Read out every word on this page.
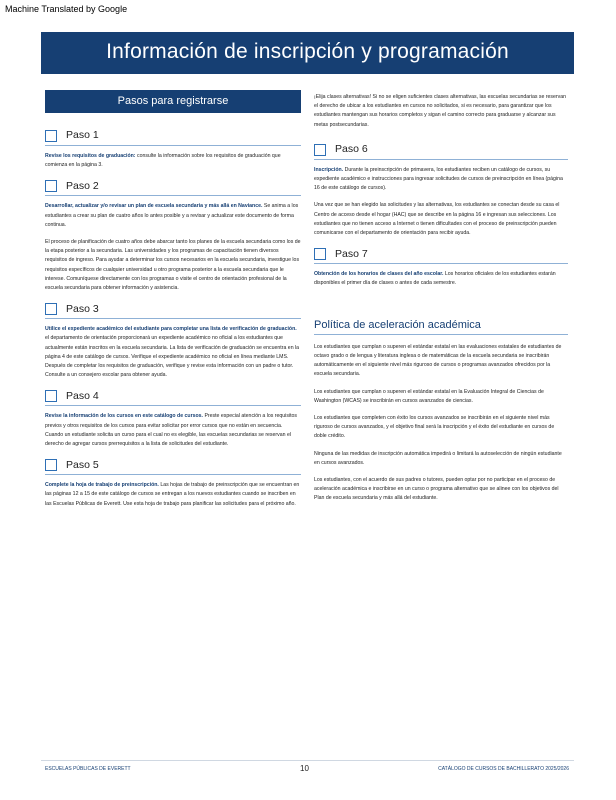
Machine Translated by Google
Información de inscripción y programación
Pasos para registrarse
Paso 1

Revise los requisitos de graduación: consulte la información sobre los requisitos de graduación que comienza en la página 3.

Paso 2

Desarrollar, actualizar y/o revisar un plan de escuela secundaria y más allá en Naviance. Se anima a los estudiantes a crear su plan de cuatro años lo antes posible y a revisar y actualizar este documento de forma continua.

El proceso de planificación de cuatro años debe abarcar tanto los planes de la escuela secundaria como los de la etapa posterior a la secundaria. Las universidades y los programas de capacitación tienen diversos requisitos de ingreso. Para ayudar a determinar los cursos necesarios en la escuela secundaria, investigue los requisitos específicos de cualquier universidad u otro programa posterior a la escuela secundaria que le interese. Comuníquese directamente con los programas o visite el centro de orientación profesional de la escuela secundaria para obtener información y asistencia.

Paso 3

Utilice el expediente académico del estudiante para completar una lista de verificación de graduación. el departamento de orientación proporcionará un expediente académico no oficial a los estudiantes que actualmente están inscritos en la escuela secundaria. La lista de verificación de graduación se encuentra en la página 4 de este catálogo de cursos. Verifique el expediente académico no oficial en línea mediante LMS. Después de completar los requisitos de graduación, verifique y revise esta información con un padre o tutor. Consulte a un consejero escolar para obtener ayuda.

Paso 4

Revise la información de los cursos en este catálogo de cursos. Preste especial atención a los requisitos previos y otros requisitos de los cursos para evitar solicitar por error cursos que no están en secuencia. Cuando un estudiante solicita un curso para el cual no es elegible, las escuelas secundarias se reservan el derecho de agregar cursos prerrequisitos a la lista de solicitudes del estudiante.

Paso 5

Complete la hoja de trabajo de preinscripción. Las hojas de trabajo de preinscripción que se encuentran en las páginas 12 a 15 de este catálogo de cursos se entregan a los nuevos estudiantes cuando se inscriben en las Escuelas Públicas de Everett. Use esta hoja de trabajo para planificar las solicitudes para el próximo año.

¡Elija clases alternativas! Si no se eligen suficientes clases alternativas, las escuelas secundarias se reservan el derecho de ubicar a los estudiantes en cursos no solicitados, si es necesario, para garantizar que los estudiantes mantengan sus horarios completos y sigan el camino correcto para graduarse y alcanzar sus metas postsecundarias.

Paso 6

Inscripción. Durante la preinscripción de primavera, los estudiantes reciben un catálogo de cursos, su expediente académico e instrucciones para ingresar solicitudes de cursos de preinscripción en línea (página 16 de este catálogo de cursos).

Una vez que se han elegido las solicitudes y las alternativas, los estudiantes se conectan desde su casa el Centro de acceso desde el hogar (HAC) que se describe en la página 16 e ingresan sus selecciones. Los estudiantes que no tienen acceso a Internet o tienen dificultades con el proceso de preinscripción pueden comunicarse con el departamento de orientación para recibir ayuda.

Paso 7

Obtención de los horarios de clases del año escolar. Los horarios oficiales de los estudiantes estarán disponibles el primer día de clases o antes de cada semestre.

Política de aceleración académica

Los estudiantes que cumplan o superen el estándar estatal en las evaluaciones estatales de estudiantes de octavo grado o de lengua y literatura inglesa o de matemáticas de la escuela secundaria se inscribirán automáticamente en el siguiente nivel más riguroso de cursos o programas avanzados ofrecidos por la escuela secundaria.

Los estudiantes que cumplan o superen el estándar estatal en la Evaluación Integral de Ciencias de Washington (WCAS) se inscribirán en cursos avanzados de ciencias.

Los estudiantes que completen con éxito los cursos avanzados se inscribirán en el siguiente nivel más riguroso de cursos avanzados, y el objetivo final será la inscripción y el éxito del estudiante en cursos de doble crédito.

Ninguna de las medidas de inscripción automática impedirá o limitará la autoselección de ningún estudiante en cursos avanzados.

Los estudiantes, con el acuerdo de sus padres o tutores, pueden optar por no participar en el proceso de aceleración académica e inscribirse en un curso o programa alternativo que se alinee con los objetivos del Plan de escuela secundaria y más allá del estudiante.

ESCUELAS PÚBLICAS DE EVERETT	10	CATÁLOGO DE CURSOS DE BACHILLERATO 2025/2026
